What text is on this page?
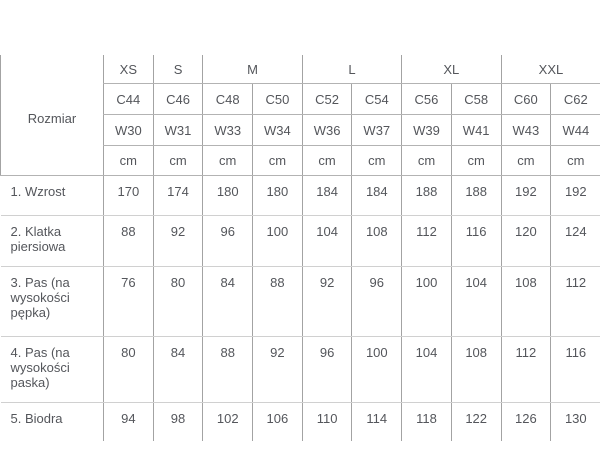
Rozmiar	XS	S	M		L		XL		XXL	
	C44	C46	C48	C50	C52	C54	C56	C58	C60	C62
	W30	W31	W33	W34	W36	W37	W39	W41	W43	W44
	cm	cm	cm	cm	cm	cm	cm	cm	cm	cm
1. Wzrost	170	174	180	180	184	184	188	188	192	192
2. Klatka piersiowa	88	92	96	100	104	108	112	116	120	124
3. Pas (na wysokości pępka)	76	80	84	88	92	96	100	104	108	112
4. Pas (na wysokości paska)	80	84	88	92	96	100	104	108	112	116
5. Biodra	94	98	102	106	110	114	118	122	126	130
